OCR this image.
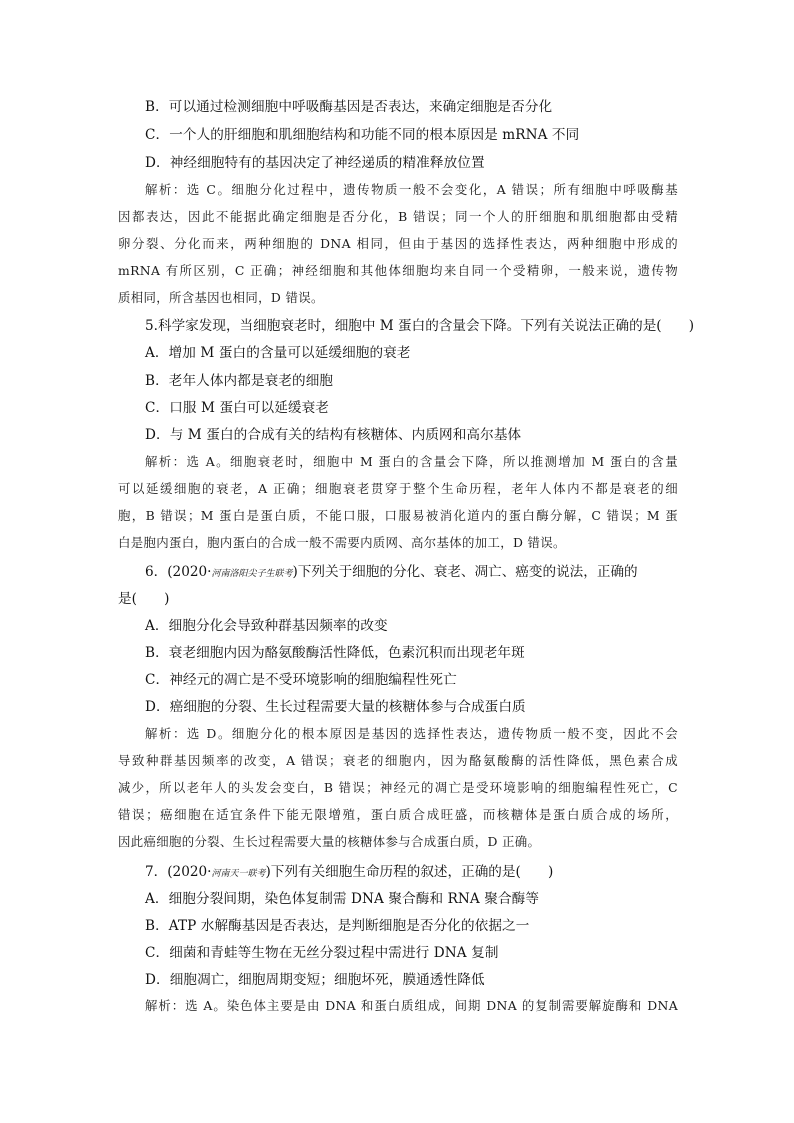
B．可以通过检测细胞中呼吸酶基因是否表达，来确定细胞是否分化
C．一个人的肝细胞和肌细胞结构和功能不同的根本原因是 mRNA 不同
D．神经细胞特有的基因决定了神经递质的精准释放位置
解析：选 C。细胞分化过程中，遗传物质一般不会变化，A 错误；所有细胞中呼吸酶基
因都表达，因此不能据此确定细胞是否分化，B 错误；同一个人的肝细胞和肌细胞都由受精
卵分裂、分化而来，两种细胞的 DNA 相同，但由于基因的选择性表达，两种细胞中形成的
mRNA 有所区别，C 正确；神经细胞和其他体细胞均来自同一个受精卵，一般来说，遗传物
质相同，所含基因也相同，D 错误。
5.科学家发现，当细胞衰老时，细胞中 M 蛋白的含量会下降。下列有关说法正确的是(　　)
A．增加 M 蛋白的含量可以延缓细胞的衰老
B．老年人体内都是衰老的细胞
C．口服 M 蛋白可以延缓衰老
D．与 M 蛋白的合成有关的结构有核糖体、内质网和高尔基体
解析：选 A。细胞衰老时，细胞中 M 蛋白的含量会下降，所以推测增加 M 蛋白的含量
可以延缓细胞的衰老，A 正确；细胞衰老贯穿于整个生命历程，老年人体内不都是衰老的细
胞，B 错误；M 蛋白是蛋白质，不能口服，口服易被消化道内的蛋白酶分解，C 错误；M 蛋
白是胞内蛋白，胞内蛋白的合成一般不需要内质网、高尔基体的加工，D 错误。
6．(2020·河南洛阳尖子生联考)下列关于细胞的分化、衰老、凋亡、癌变的说法，正确的
是(　　)
A．细胞分化会导致种群基因频率的改变
B．衰老细胞内因为酪氨酸酶活性降低，色素沉积而出现老年斑
C．神经元的凋亡是不受环境影响的细胞编程性死亡
D．癌细胞的分裂、生长过程需要大量的核糖体参与合成蛋白质
解析：选 D。细胞分化的根本原因是基因的选择性表达，遗传物质一般不变，因此不会
导致种群基因频率的改变，A 错误；衰老的细胞内，因为酪氨酸酶的活性降低，黑色素合成
减少，所以老年人的头发会变白，B 错误；神经元的凋亡是受环境影响的细胞编程性死亡，C
错误；癌细胞在适宜条件下能无限增殖，蛋白质合成旺盛，而核糖体是蛋白质合成的场所，
因此癌细胞的分裂、生长过程需要大量的核糖体参与合成蛋白质，D 正确。
7．(2020·河南天一联考)下列有关细胞生命历程的叙述，正确的是(　　)
A．细胞分裂间期，染色体复制需 DNA 聚合酶和 RNA 聚合酶等
B．ATP 水解酶基因是否表达，是判断细胞是否分化的依据之一
C．细菌和青蛙等生物在无丝分裂过程中需进行 DNA 复制
D．细胞凋亡，细胞周期变短；细胞坏死，膜通透性降低
解析：选 A。染色体主要是由 DNA 和蛋白质组成，间期 DNA 的复制需要解旋酶和 DNA
